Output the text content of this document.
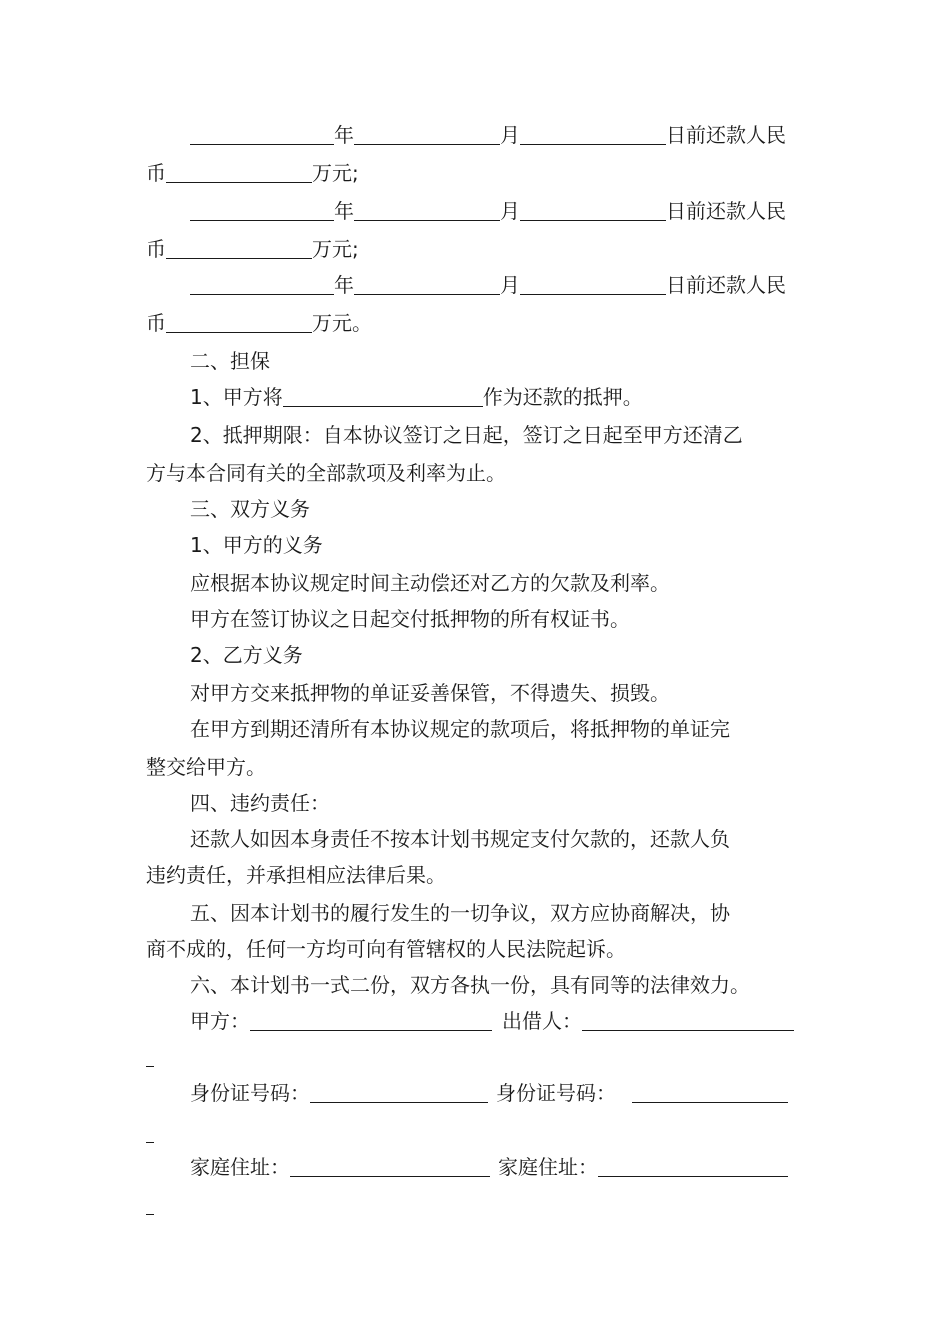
年	月	日前还款人民
币	万元;
年	月	日前还款人民
币	万元;
年	月	日前还款人民
币	万元。
二、担保
1、甲方将	作为还款的抵押。
2、抵押期限：自本协议签订之日起，签订之日起至甲方还清乙
方与本合同有关的全部款项及利率为止。
三、双方义务
1、甲方的义务
应根据本协议规定时间主动偿还对乙方的欠款及利率。
甲方在签订协议之日起交付抵押物的所有权证书。
2、乙方义务
对甲方交来抵押物的单证妥善保管，不得遗失、损毁。
在甲方到期还清所有本协议规定的款项后，将抵押物的单证完
整交给甲方。
四、违约责任：
还款人如因本身责任不按本计划书规定支付欠款的，还款人负
违约责任，并承担相应法律后果。
五、因本计划书的履行发生的一切争议，双方应协商解决，协
商不成的，任何一方均可向有管辖权的人民法院起诉。
六、本计划书一式二份，双方各执一份，具有同等的法律效力。
甲方：	出借人：
身份证号码：	身份证号码：
家庭住址：	家庭住址：
